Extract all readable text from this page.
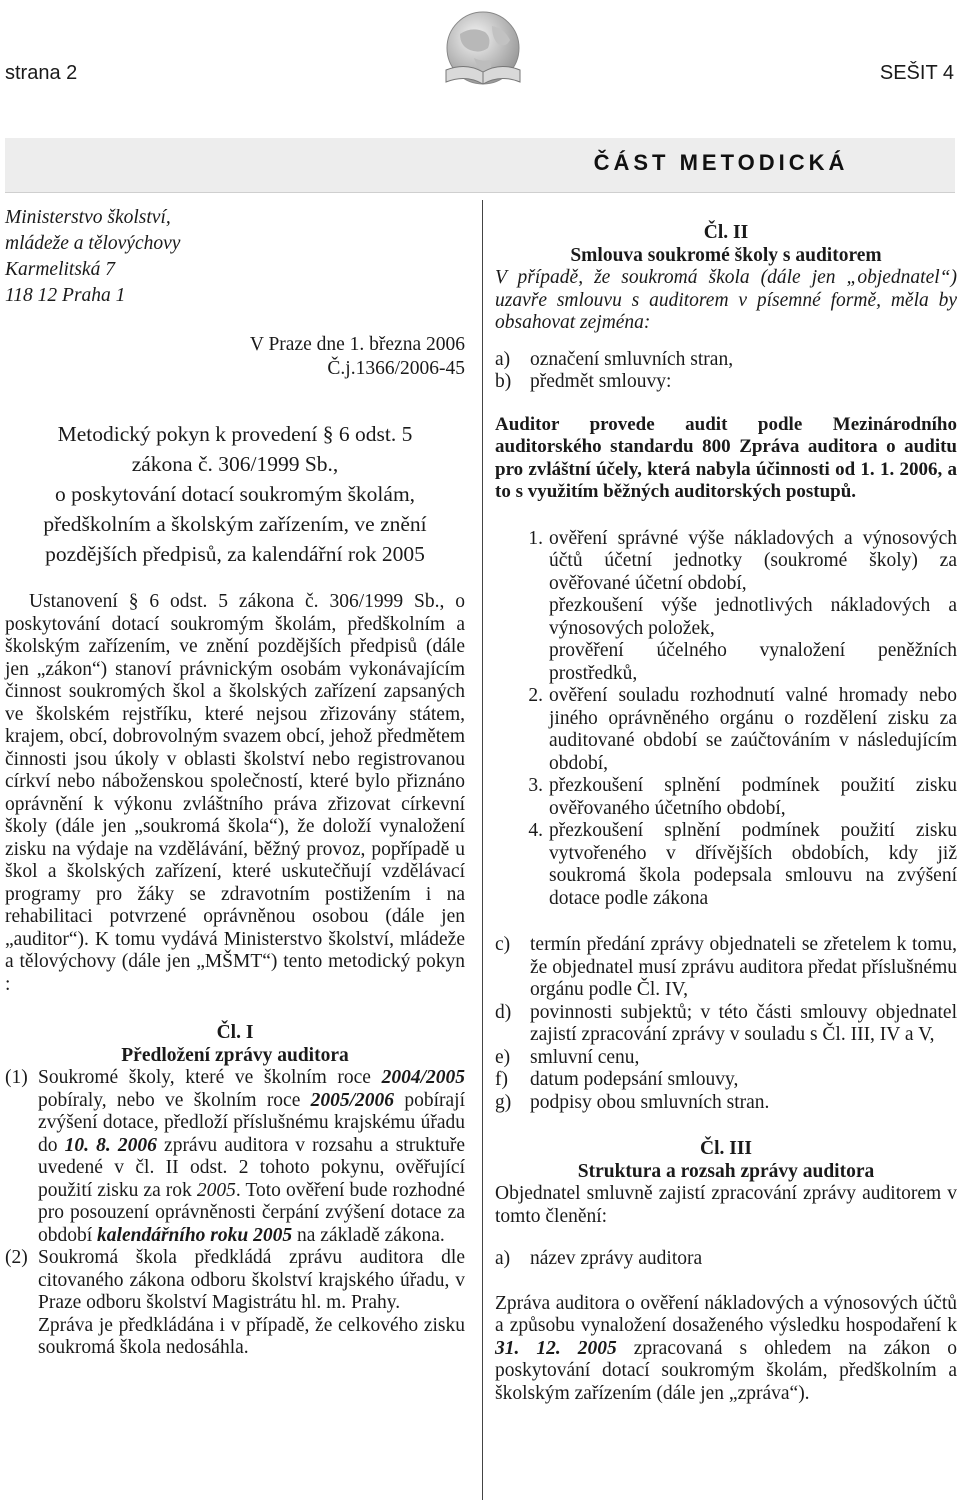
strana 2	SEŠIT 4
ČÁST METODICKÁ
Ministerstvo školství,
mládeže a tělovýchovy
Karmelitská 7
118 12 Praha 1
V Praze dne 1. března 2006
Č.j.1366/2006-45
Metodický pokyn k provedení § 6 odst. 5
zákona č. 306/1999 Sb.,
o poskytování dotací soukromým školám,
předškolním a školským zařízením, ve znění
pozdějších předpisů, za kalendářní rok 2005
Ustanovení § 6 odst. 5 zákona č. 306/1999 Sb., o poskytování dotací soukromým školám, předškolním a školským zařízením, ve znění pozdějších předpisů (dále jen „zákon“) stanoví právnickým osobám vykonávajícím činnost soukromých škol a školských zařízení zapsaných ve školském rejstříku, které nejsou zřizovány státem, krajem, obcí, dobrovolným svazem obcí, jehož předmětem činnosti jsou úkoly v oblasti školství nebo registrovanou církví nebo náboženskou společností, které bylo přiznáno oprávnění k výkonu zvláštního práva zřizovat církevní školy (dále jen „soukromá škola“), že doloží vynaložení zisku na výdaje na vzdělávání, běžný provoz, popřípadě u škol a školských zařízení, které uskutečňují vzdělávací programy pro žáky se zdravotním postižením i na rehabilitaci potvrzené oprávněnou osobou (dále jen „auditor“). K tomu vydává Ministerstvo školství, mládeže a tělovýchovy (dále jen „MŠMT“) tento metodický pokyn :
Čl. I
Předložení zprávy auditora
(1) Soukromé školy, které ve školním roce 2004/2005 pobíraly, nebo ve školním roce 2005/2006 pobírají zvýšení dotace, předloží příslušnému krajskému úřadu do 10. 8. 2006 zprávu auditora v rozsahu a struktuře uvedené v čl. II odst. 2 tohoto pokynu, ověřující použití zisku za rok 2005. Toto ověření bude rozhodné pro posouzení oprávněnosti čerpání zvýšení dotace za období kalendářního roku 2005 na základě zákona.
(2) Soukromá škola předkládá zprávu auditora dle citovaného zákona odboru školství krajského úřadu, v Praze odboru školství Magistrátu hl. m. Prahy.
Zpráva je předkládána i v případě, že celkového zisku soukromá škola nedosáhla.
Čl. II
Smlouva soukromé školy s auditorem
V případě, že soukromá škola (dále jen „objednatel“) uzavře smlouvu s auditorem v písemné formě, měla by obsahovat zejména:
a)	označení smluvních stran,
b) předmět smlouvy:
Auditor provede audit podle Mezinárodního auditorského standardu 800 Zpráva auditora o auditu pro zvláštní účely, která nabyla účinnosti od 1. 1. 2006, a to s využitím běžných auditorských postupů.
1. ověření správné výše nákladových a výnosových účtů účetní jednotky (soukromé školy) za ověřované účetní období,
přezkoušení výše jednotlivých nákladových a výnosových položek,
prověření účelného vynaložení peněžních prostředků,
2. ověření souladu rozhodnutí valné hromady nebo jiného oprávněného orgánu o rozdělení zisku za auditované období se zaúčtováním v následujícím období,
3. přezkoušení splnění podmínek použití zisku ověřovaného účetního období,
4. přezkoušení splnění podmínek použití zisku vytvořeného v dřívějších obdobích, kdy již soukromá škola podepsala smlouvu na zvýšení dotace podle zákona
c)	termín předání zprávy objednateli se zřetelem k tomu, že objednatel musí zprávu auditora předat příslušnému orgánu podle Čl. IV,
d) povinnosti subjektů; v této části smlouvy objednatel zajistí zpracování zprávy v souladu s Čl. III, IV a V,
e)	smluvní cenu,
f)	datum podepsání smlouvy,
g) podpisy obou smluvních stran.
Čl. III
Struktura a rozsah zprávy auditora
Objednatel smluvně zajistí zpracování zprávy auditorem v tomto členění:
a)	název zprávy auditora
Zpráva auditora o ověření nákladových a výnosových účtů a způsobu vynaložení dosaženého výsledku hospodaření k 31. 12. 2005 zpracovaná s ohledem na zákon o poskytování dotací soukromým školám, předškolním a školským zařízením (dále jen „zpráva“).
